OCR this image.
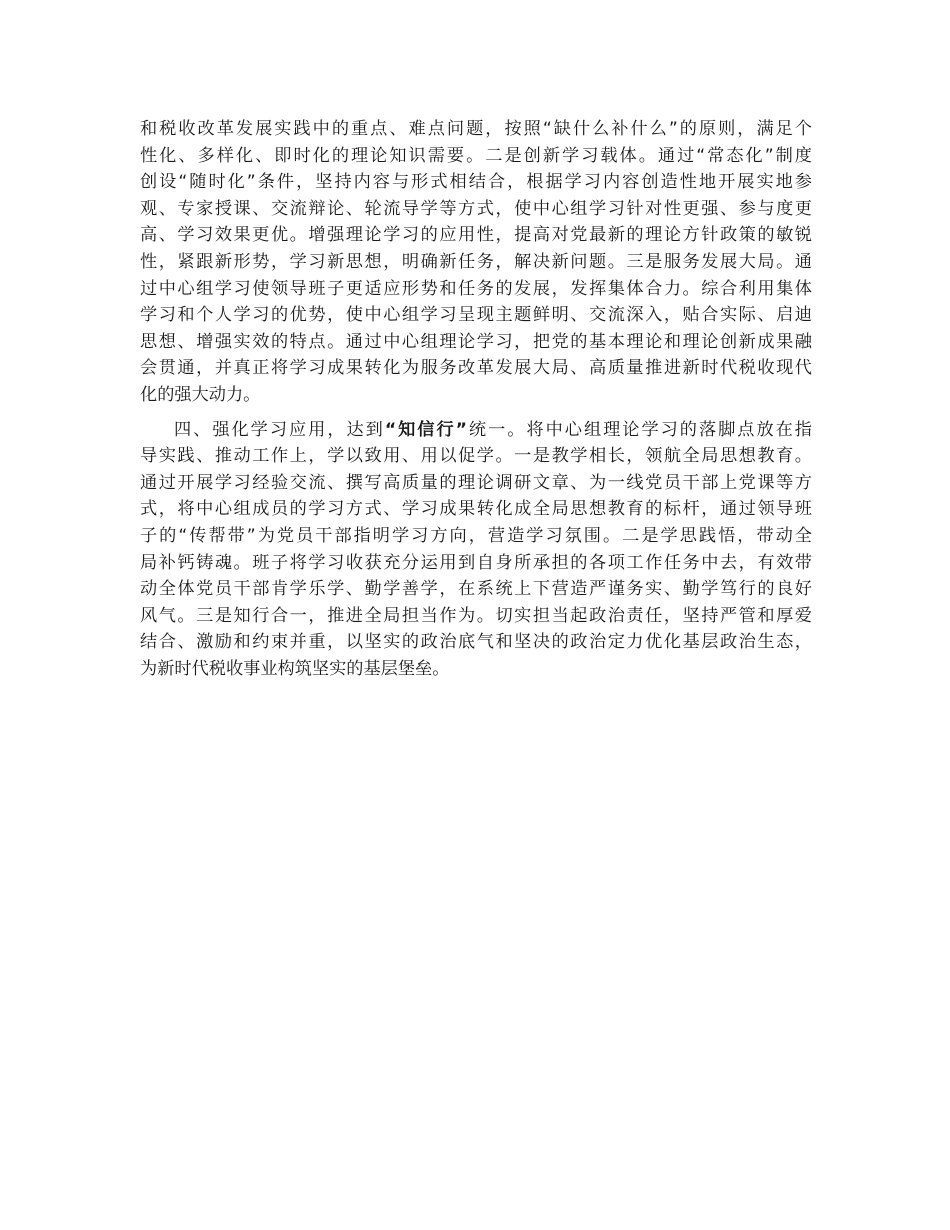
和税收改革发展实践中的重点、难点问题，按照“缺什么补什么”的原则，满足个
性化、多样化、即时化的理论知识需要。二是创新学习载体。通过“常态化”制度
创设“随时化”条件，坚持内容与形式相结合，根据学习内容创造性地开展实地参
观、专家授课、交流辩论、轮流导学等方式，使中心组学习针对性更强、参与度更
高、学习效果更优。增强理论学习的应用性，提高对党最新的理论方针政策的敏锐
性，紧跟新形势，学习新思想，明确新任务，解决新问题。三是服务发展大局。通
过中心组学习使领导班子更适应形势和任务的发展，发挥集体合力。综合利用集体
学习和个人学习的优势，使中心组学习呈现主题鲜明、交流深入，贴合实际、启迪
思想、增强实效的特点。通过中心组理论学习，把党的基本理论和理论创新成果融
会贯通，并真正将学习成果转化为服务改革发展大局、高质量推进新时代税收现代
化的强大动力。
四、强化学习应用，达到“知信行”统一。将中心组理论学习的落脚点放在指
导实践、推动工作上，学以致用、用以促学。一是教学相长，领航全局思想教育。
通过开展学习经验交流、撰写高质量的理论调研文章、为一线党员干部上党课等方
式，将中心组成员的学习方式、学习成果转化成全局思想教育的标杆，通过领导班
子的“传帮带”为党员干部指明学习方向，营造学习氛围。二是学思践悟，带动全
局补钙铸魂。班子将学习收获充分运用到自身所承担的各项工作任务中去，有效带
动全体党员干部肯学乐学、勤学善学，在系统上下营造严谨务实、勤学笃行的良好
风气。三是知行合一，推进全局担当作为。切实担当起政治责任，坚持严管和厚爱
结合、激励和约束并重，以坚实的政治底气和坚决的政治定力优化基层政治生态，
为新时代税收事业构筑坚实的基层堡垒。
